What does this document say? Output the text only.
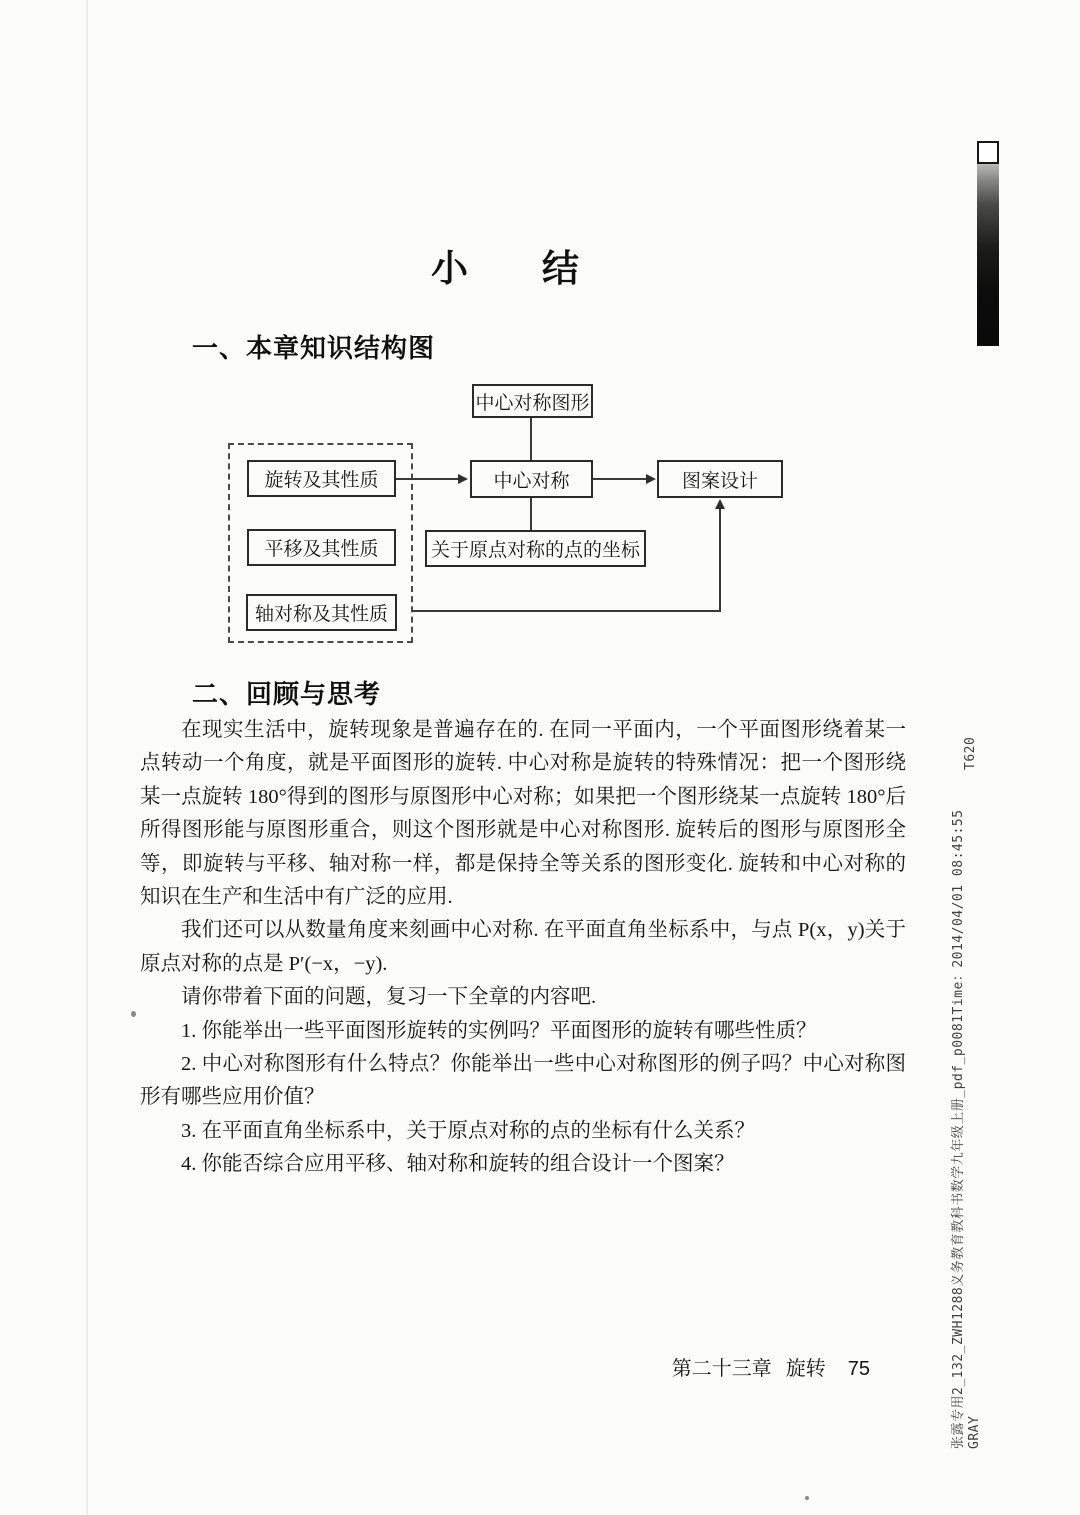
小　　结
一、本章知识结构图
中心对称图形
旋转及其性质
平移及其性质
轴对称及其性质
中心对称	图案设计
关于原点对称的点的坐标
二、回顾与思考

在现实生活中，旋转现象是普遍存在的. 在同一平面内，一个平面图形绕着某一点转动一个角度，就是平面图形的旋转. 中心对称是旋转的特殊情况：把一个图形绕某一点旋转 180°得到的图形与原图形中心对称；如果把一个图形绕某一点旋转 180°后所得图形能与原图形重合，则这个图形就是中心对称图形. 旋转后的图形与原图形全等，即旋转与平移、轴对称一样，都是保持全等关系的图形变化. 旋转和中心对称的知识在生产和生活中有广泛的应用.

我们还可以从数量角度来刻画中心对称. 在平面直角坐标系中，与点 P(x，y)关于原点对称的点是 P′(−x，−y).

请你带着下面的问题，复习一下全章的内容吧.

1. 你能举出一些平面图形旋转的实例吗？平面图形的旋转有哪些性质？

2. 中心对称图形有什么特点？你能举出一些中心对称图形的例子吗？中心对称图形有哪些应用价值？

3. 在平面直角坐标系中，关于原点对称的点的坐标有什么关系？

4. 你能否综合应用平移、轴对称和旋转的组合设计一个图案？

第二十三章 旋转 75	张露专用2_132_ZWH1288义务教育教科书数学九年级上册_pdf_p0081Time：2014/04/01 08:45:55 GRAY
T620
